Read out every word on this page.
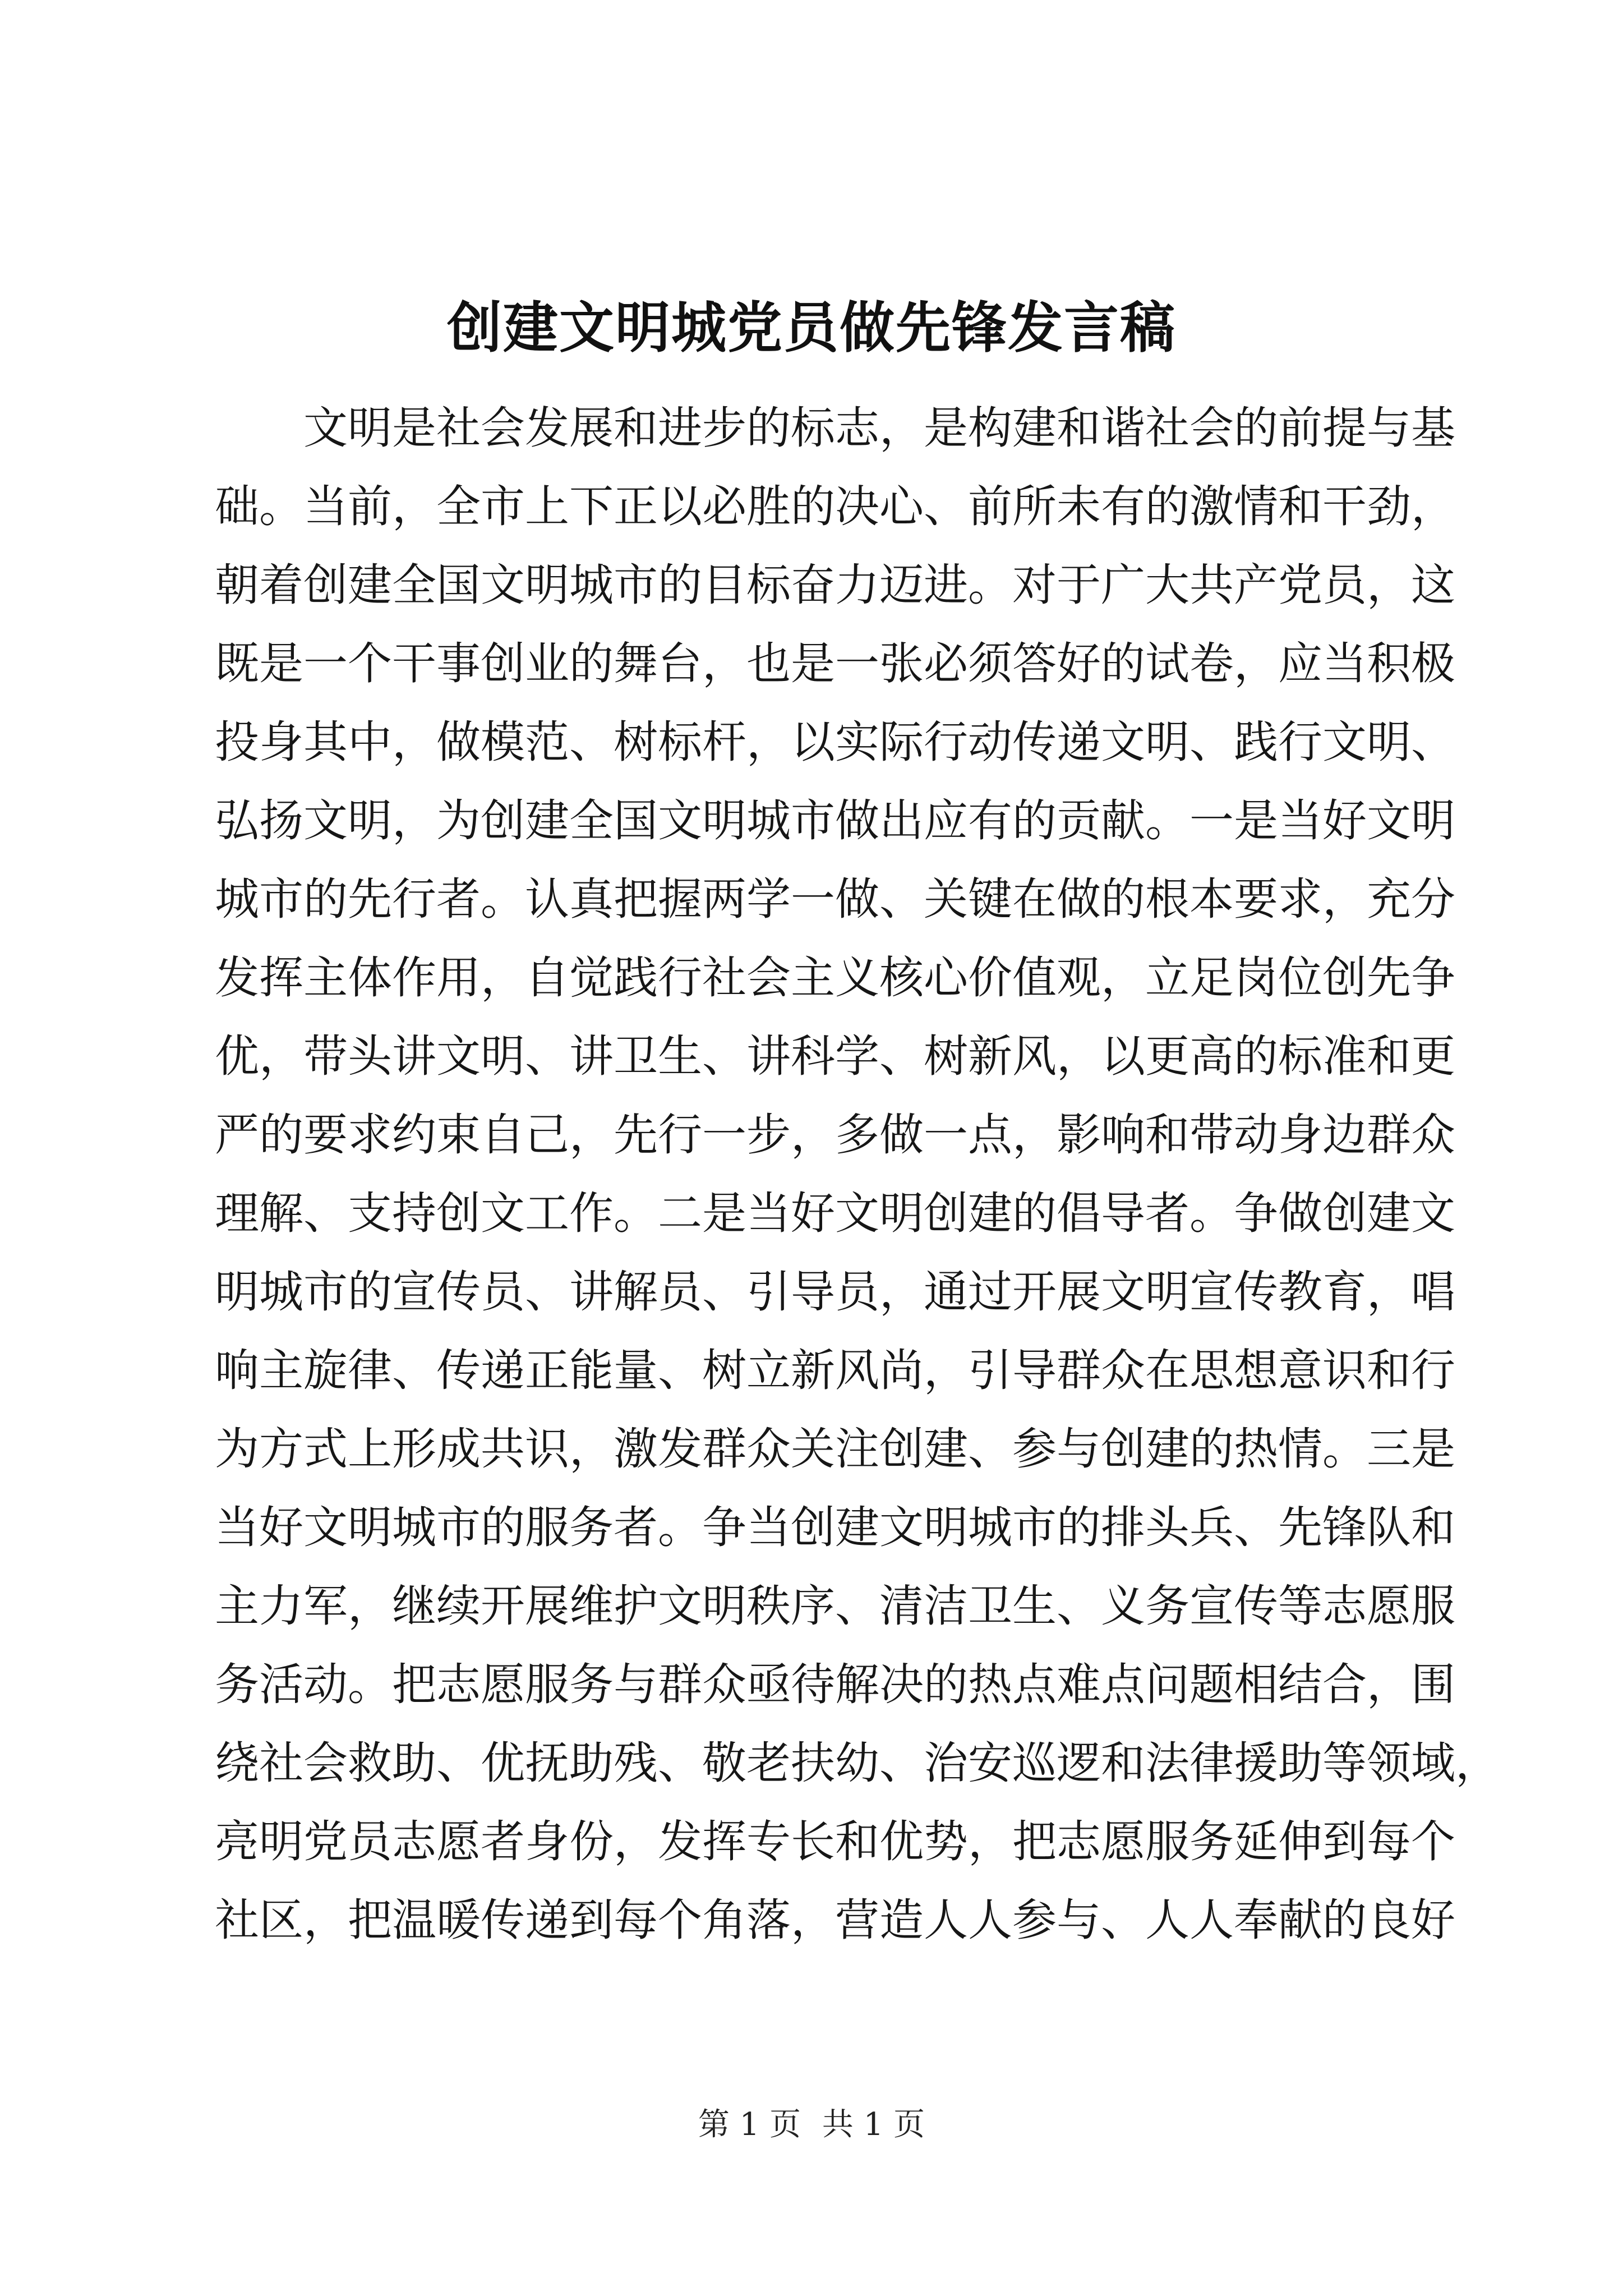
创建文明城党员做先锋发言稿
文明是社会发展和进步的标志，是构建和谐社会的前提与基
础。当前，全市上下正以必胜的决心、前所未有的激情和干劲，
朝着创建全国文明城市的目标奋力迈进。对于广大共产党员，这
既是一个干事创业的舞台，也是一张必须答好的试卷，应当积极
投身其中，做模范、树标杆，以实际行动传递文明、践行文明、
弘扬文明，为创建全国文明城市做出应有的贡献。一是当好文明
城市的先行者。认真把握两学一做、关键在做的根本要求，充分
发挥主体作用，自觉践行社会主义核心价值观，立足岗位创先争
优，带头讲文明、讲卫生、讲科学、树新风，以更高的标准和更
严的要求约束自己，先行一步，多做一点，影响和带动身边群众
理解、支持创文工作。二是当好文明创建的倡导者。争做创建文
明城市的宣传员、讲解员、引导员，通过开展文明宣传教育，唱
响主旋律、传递正能量、树立新风尚，引导群众在思想意识和行
为方式上形成共识，激发群众关注创建、参与创建的热情。三是
当好文明城市的服务者。争当创建文明城市的排头兵、先锋队和
主力军，继续开展维护文明秩序、清洁卫生、义务宣传等志愿服
务活动。把志愿服务与群众亟待解决的热点难点问题相结合，围
绕社会救助、优抚助残、敬老扶幼、治安巡逻和法律援助等领域，
亮明党员志愿者身份，发挥专长和优势，把志愿服务延伸到每个
社区，把温暖传递到每个角落，营造人人参与、人人奉献的良好
第 1 页 共 1 页
